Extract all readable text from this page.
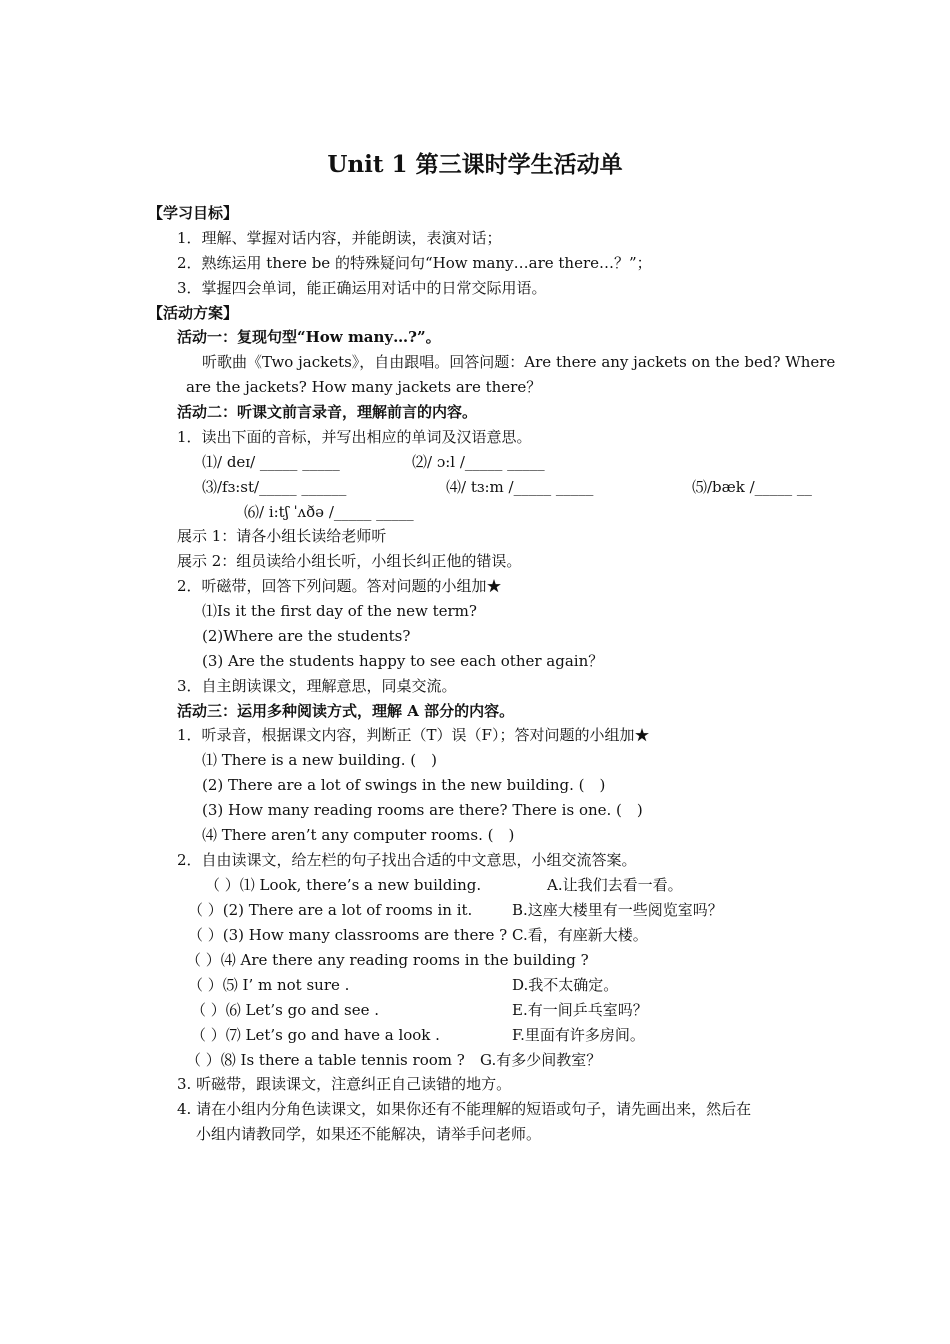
Unit 1 第三课时学生活动单
【学习目标】
1．理解、掌握对话内容，并能朗读，表演对话；
2．熟练运用 there be 的特殊疑问句“How many…are there…？”；
3．掌握四会单词，能正确运用对话中的日常交际用语。
【活动方案】
活动一：复现句型“How many…?”。
听歌曲《Two jackets》，自由跟唱。回答问题：Are there any jackets on the bed? Where
are the jackets? How many jackets are there？
活动二：听课文前言录音，理解前言的内容。
1．读出下面的音标，并写出相应的单词及汉语意思。
⑴/ deɪ/ _____ _____	⑵/ ɔ:l /_____ _____
⑶/fɜ:st/_____ ______	⑷/ tɜ:m /_____ _____	⑸/bæk /_____ __
⑹/ i:tʃ ˈʌðə /_____ _____
展示 1：请各小组长读给老师听
展示 2：组员读给小组长听，小组长纠正他的错误。
2．听磁带，回答下列问题。答对问题的小组加★
⑴Is it the first day of the new term?
(2)Where are the students?
(3) Are the students happy to see each other again？
3．自主朗读课文，理解意思，同桌交流。
活动三：运用多种阅读方式，理解 A 部分的内容。
1．听录音，根据课文内容，判断正（T）误（F）；答对问题的小组加★
⑴ There is a new building. (　)
(2) There are a lot of swings in the new building. (　)
(3) How many reading rooms are there? There is one. (　)
⑷ There aren’t any computer rooms. (　)
2．自由读课文，给左栏的句子找出合适的中文意思，小组交流答案。
（ ）⑴ Look, there’s a new building.	A.让我们去看一看。
（ ）(2) There are a lot of rooms in it.	B.这座大楼里有一些阅览室吗？
（ ）(3) How many classrooms are there ? C.看，有座新大楼。
（ ）⑷ Are there any reading rooms in the building ?
（ ）⑸ I’ m not sure .	D.我不太确定。
（ ）⑹ Let’s go and see .	E.有一间乒乓室吗？
（ ）⑺ Let’s go and have a look .	F.里面有许多房间。
（ ）⑻ Is there a table tennis room ? G.有多少间教室？
3. 听磁带，跟读课文，注意纠正自己读错的地方。
4. 请在小组内分角色读课文，如果你还有不能理解的短语或句子，请先画出来，然后在
小组内请教同学，如果还不能解决，请举手问老师。
